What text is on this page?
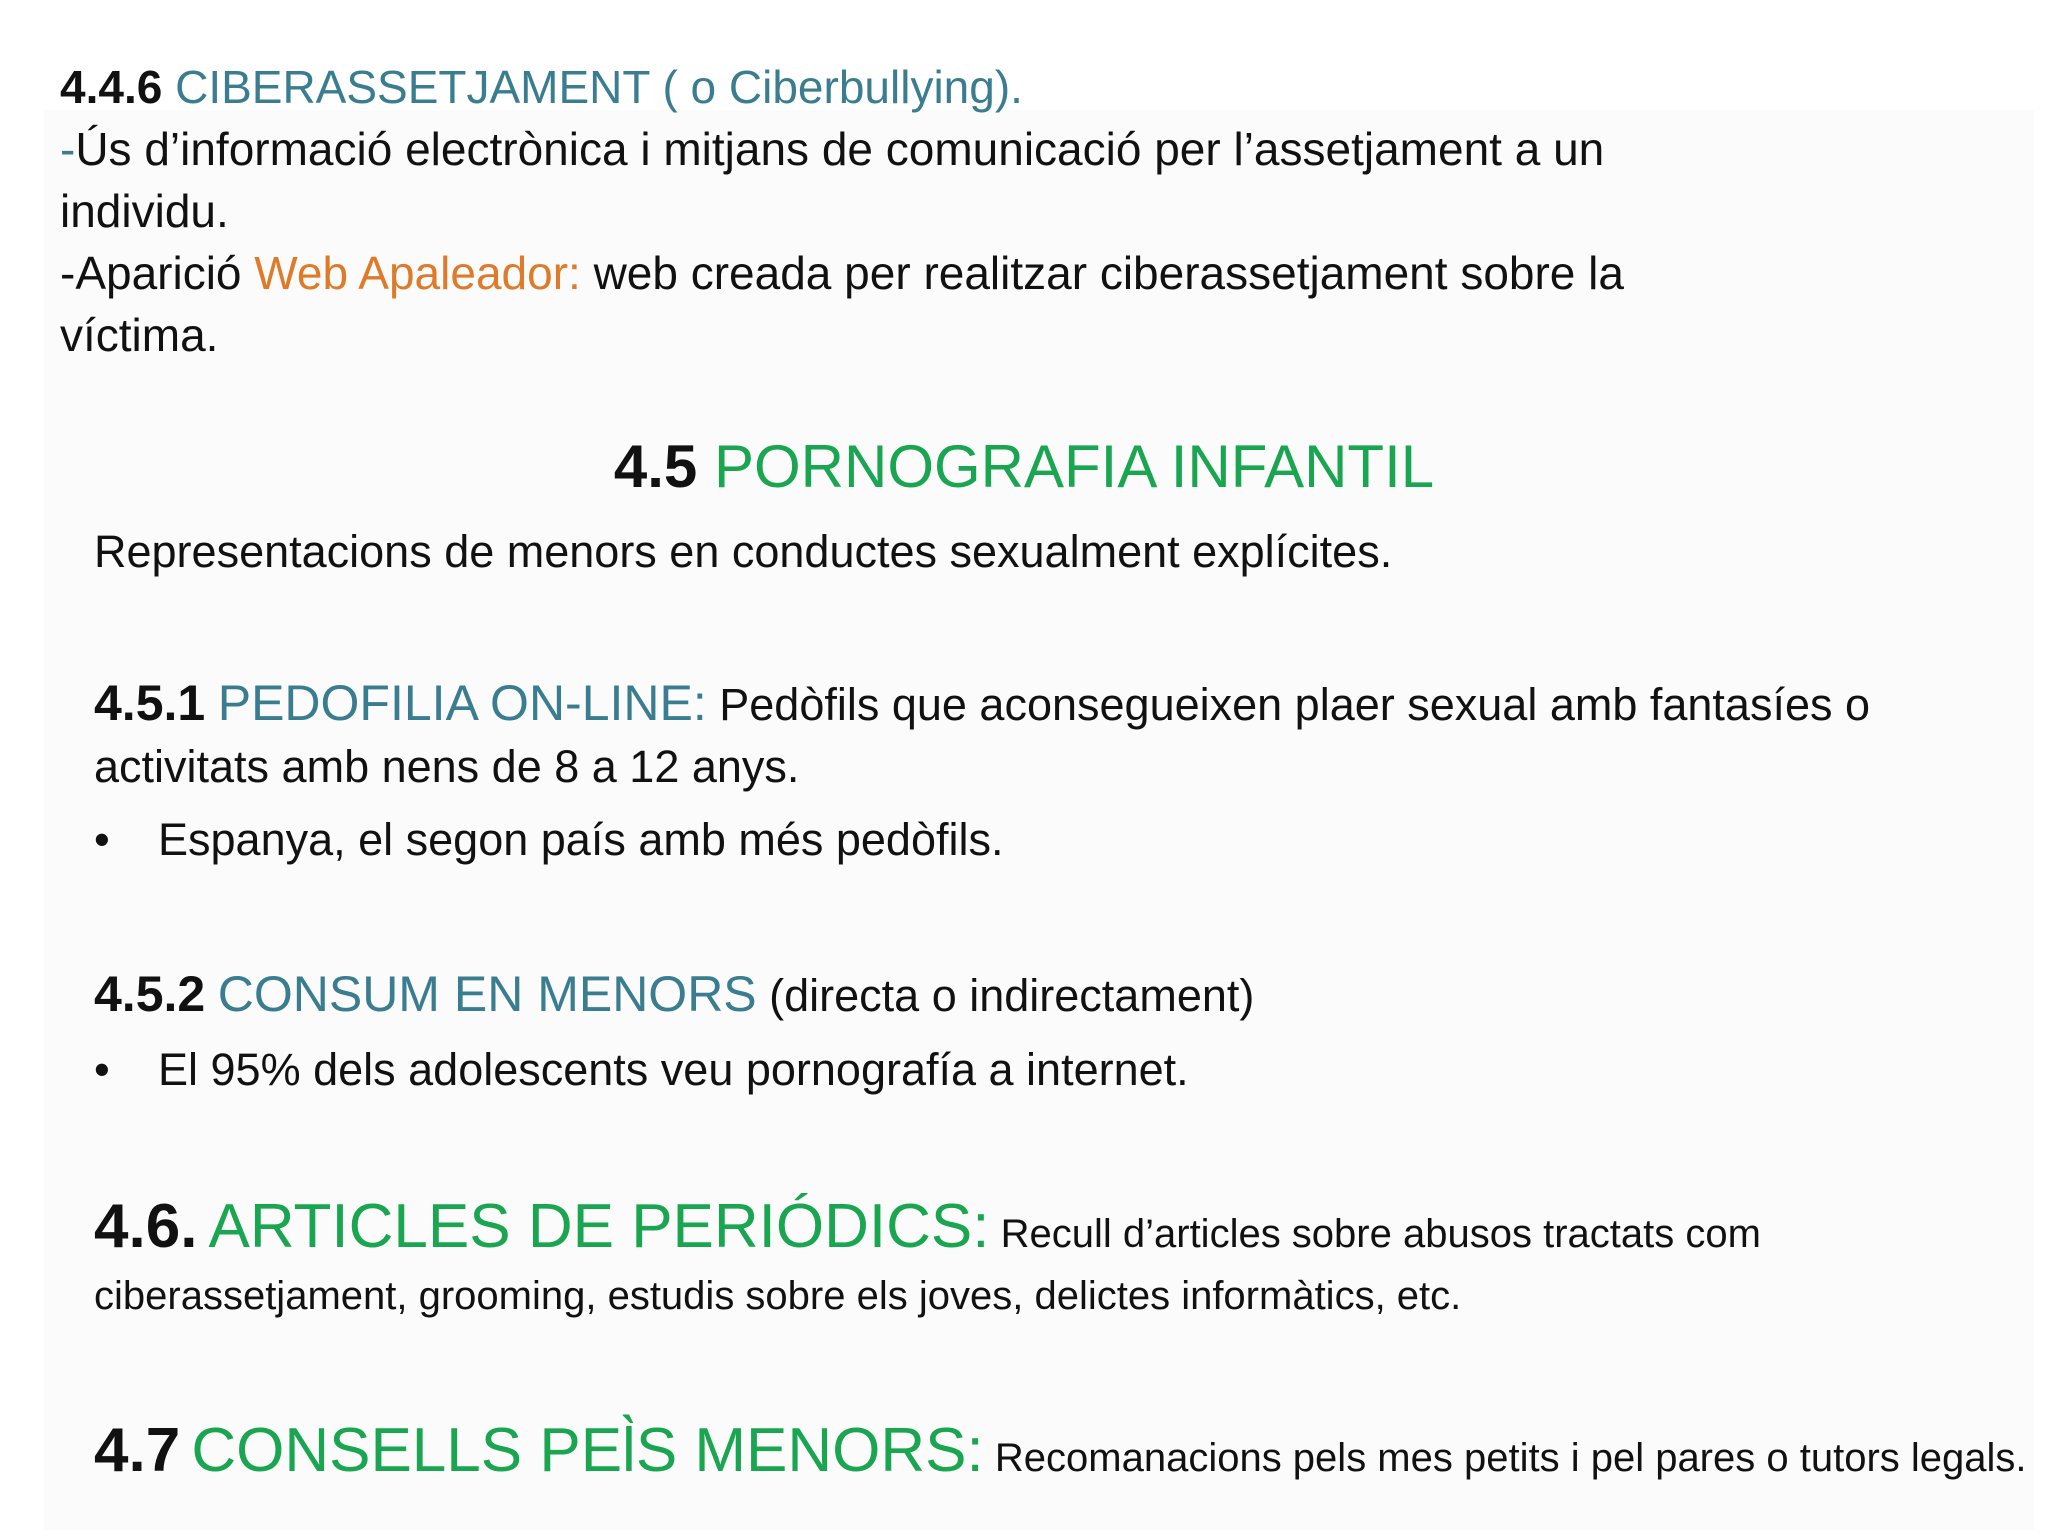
4.4.6 CIBERASSETJAMENT ( o Ciberbullying).
-Ús d’informació electrònica i mitjans de comunicació per l’assetjament a un
individu.
-Aparició Web Apaleador: web creada per realitzar ciberassetjament sobre la
víctima.
4.5 PORNOGRAFIA INFANTIL
Representacions de menors en conductes sexualment explícites.
4.5.1 PEDOFILIA ON-LINE: Pedòfils que aconsegueixen plaer sexual amb fantasíes o
activitats amb nens de 8 a 12 anys.
• Espanya, el segon país amb més pedòfils.
4.5.2 CONSUM EN MENORS (directa o indirectament)
• El 95% dels adolescents veu pornografía a internet.
4.6. ARTICLES DE PERIÓDICS: Recull d’articles sobre abusos tractats com
ciberassetjament, grooming, estudis sobre els joves, delictes informàtics, etc.
4.7 CONSELLS PEl̀S MENORS: Recomanacions pels mes petits i pel pares o tutors legals.
